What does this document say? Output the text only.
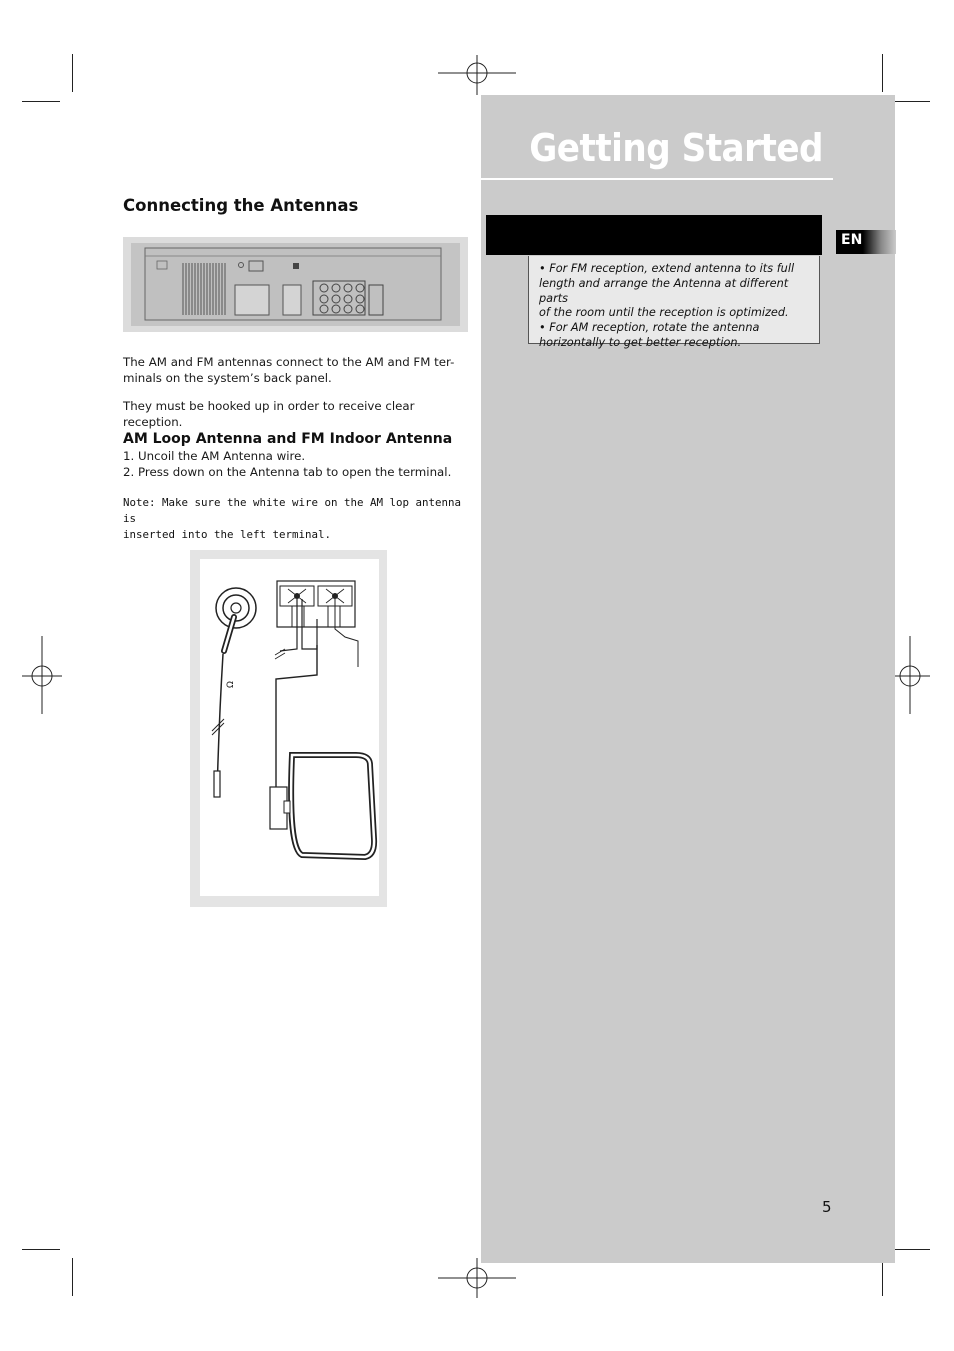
Getting Started
• For FM reception, extend antenna to its full
length and arrange the Antenna at different parts
of the room until the reception is optimized.
• For AM reception, rotate the antenna
horizontally to get better reception.
EN
5
Connecting the Antennas
The AM and FM antennas connect to the AM and FM ter-
minals on the system’s back panel.
They must be hooked up in order to receive clear reception.
AM Loop Antenna and FM Indoor Antenna
1. Uncoil the AM Antenna wire.
2. Press down on the Antenna tab to open the terminal.
Note: Make sure the white wire on the AM lop antenna is
inserted into the left terminal.
Ω
